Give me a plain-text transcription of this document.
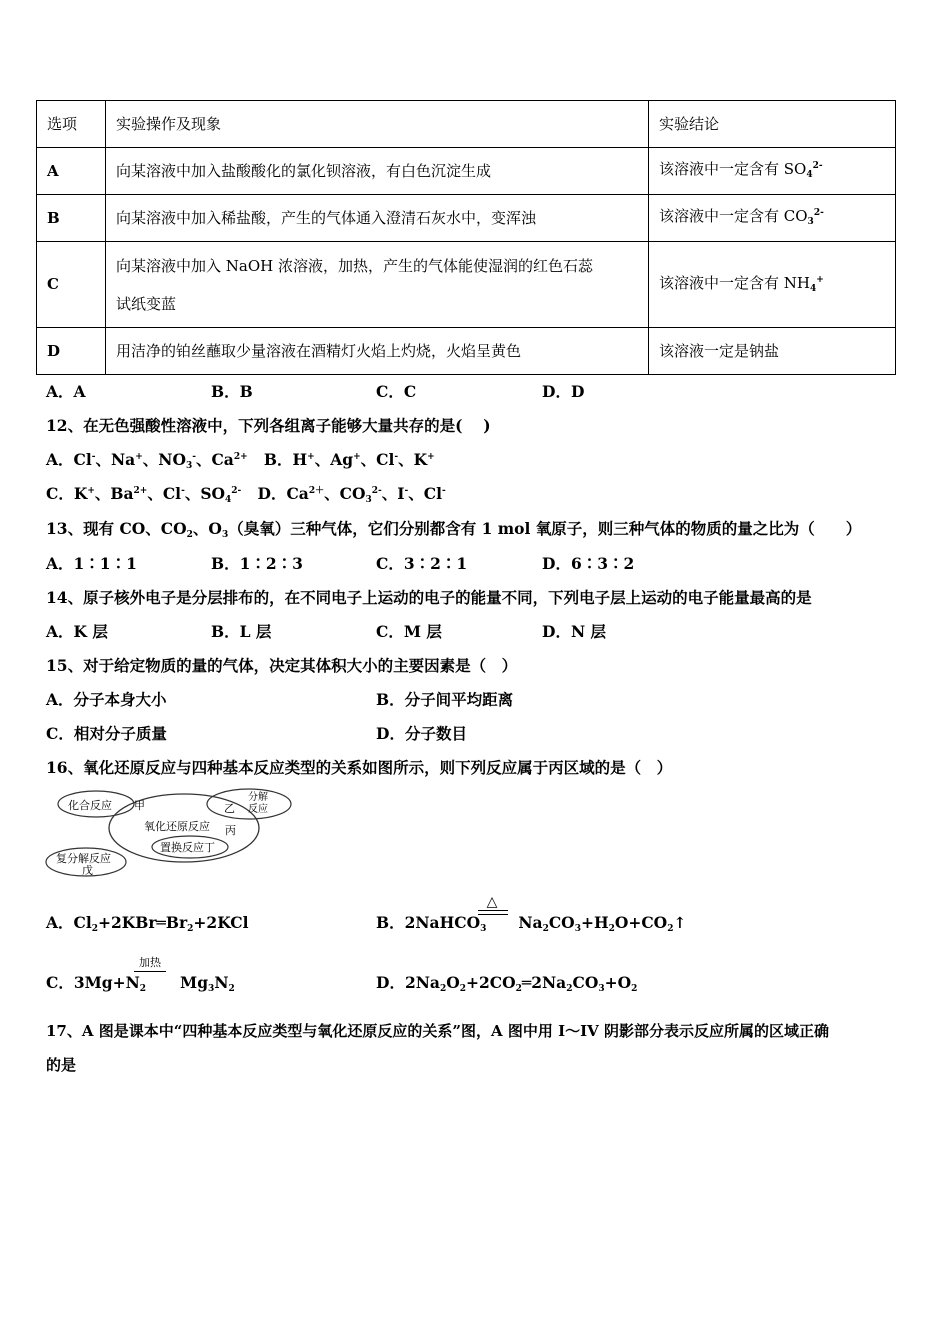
选项	实验操作及现象	实验结论
A	向某溶液中加入盐酸酸化的氯化钡溶液，有白色沉淀生成	该溶液中一定含有 $SO_4^{2-}$
B	向某溶液中加入稀盐酸，产生的气体通入澄清石灰水中，变浑浊	该溶液中一定含有 $CO_3^{2-}$
C	向某溶液中加入 NaOH 浓溶液，加热，产生的气体能使湿润的红色石蕊
试纸变蓝	该溶液中一定含有 $NH_4^+$
D	用洁净的铂丝蘸取少量溶液在酒精灯火焰上灼烧，火焰呈黄色	该溶液一定是钠盐
A．A	B．B	C．C	D．D
12、在无色强酸性溶液中，下列各组离子能够大量共存的是(　 )
A．Cl-、Na+、$NO_3^-$、$Ca^{2+}$ B．H+、Ag+、Cl-、K+
C．K+、$Ba^{2+}$、Cl-、$SO_4^{2-}$ D．$Ca^{2+}$、$CO_3^{2-}$、I-、Cl-
13、现有 CO、$CO_2$、$O_3$（臭氧）三种气体，它们分别都含有 1 mol 氧原子，则三种气体的物质的量之比为（　　）
A．1∶1∶1	B．1∶2∶3	C．3∶2∶1	D．6∶3∶2
14、原子核外电子是分层排布的，在不同电子上运动的电子的能量不同，下列电子层上运动的电子能量最高的是
A．K 层	B．L 层	C．M 层	D．N 层
15、对于给定物质的量的气体，决定其体积大小的主要因素是（　）
A．分子本身大小	B．分子间平均距离
C．相对分子质量	D．分子数目
16、氧化还原反应与四种基本反应类型的关系如图所示，则下列反应属于丙区域的是（　）
化合反应 甲
分解
反应
乙
氧化还原反应 丙
置换反应丁
复分解反应
戊
A．$Cl_2+2KBr═Br_2+2KCl$	B．2NaHCO$_3$ $Na_2CO_3+H_2O+CO_2↑$
△
C．$3Mg+N_2$ $Mg_3N_2$
加热
D．$2Na_2O_2+2CO_2═2Na_2CO_3+O_2$
17、A 图是课本中“四种基本反应类型与氧化还原反应的关系”图，A 图中用 I～IV 阴影部分表示反应所属的区域正确
的是
